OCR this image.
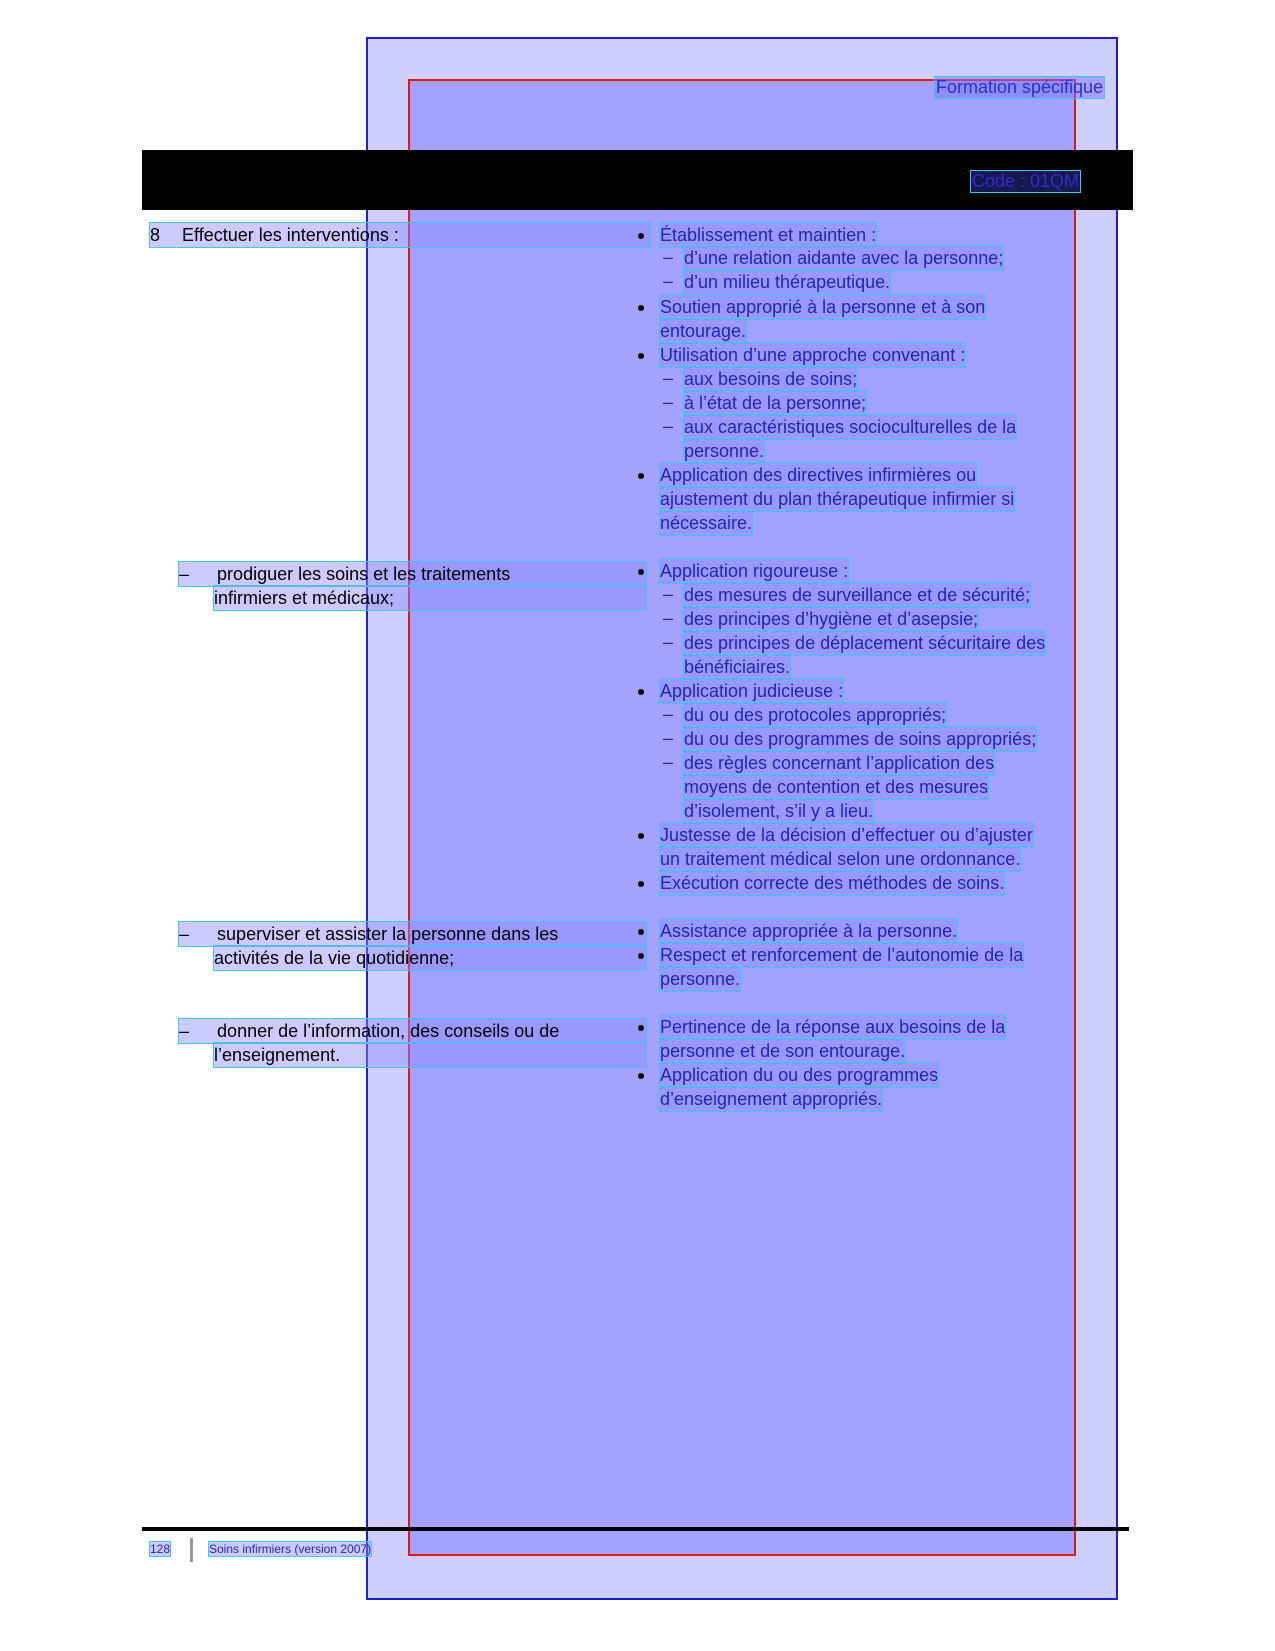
Formation spécifique
Code : 01QM
8 Effectuer les interventions :
– prodiguer les soins et les traitements
infirmiers et médicaux;
– superviser et assister la personne dans les
activités de la vie quotidienne;
– donner de l’information, des conseils ou de
l’enseignement.
Établissement et maintien :
– d’une relation aidante avec la personne;
– d’un milieu thérapeutique.
Soutien approprié à la personne et à son
entourage.
Utilisation d’une approche convenant :
– aux besoins de soins;
– à l’état de la personne;
– aux caractéristiques socioculturelles de la
personne.
Application des directives infirmières ou
ajustement du plan thérapeutique infirmier si
nécessaire.
Application rigoureuse :
– des mesures de surveillance et de sécurité;
– des principes d’hygiène et d’asepsie;
– des principes de déplacement sécuritaire des
bénéficiaires.
Application judicieuse :
– du ou des protocoles appropriés;
– du ou des programmes de soins appropriés;
– des règles concernant l’application des
moyens de contention et des mesures
d’isolement, s’il y a lieu.
Justesse de la décision d’effectuer ou d’ajuster
un traitement médical selon une ordonnance.
Exécution correcte des méthodes de soins.
Assistance appropriée à la personne.
Respect et renforcement de l’autonomie de la
personne.
Pertinence de la réponse aux besoins de la
personne et de son entourage.
Application du ou des programmes
d’enseignement appropriés.
128	Soins infirmiers (version 2007)
